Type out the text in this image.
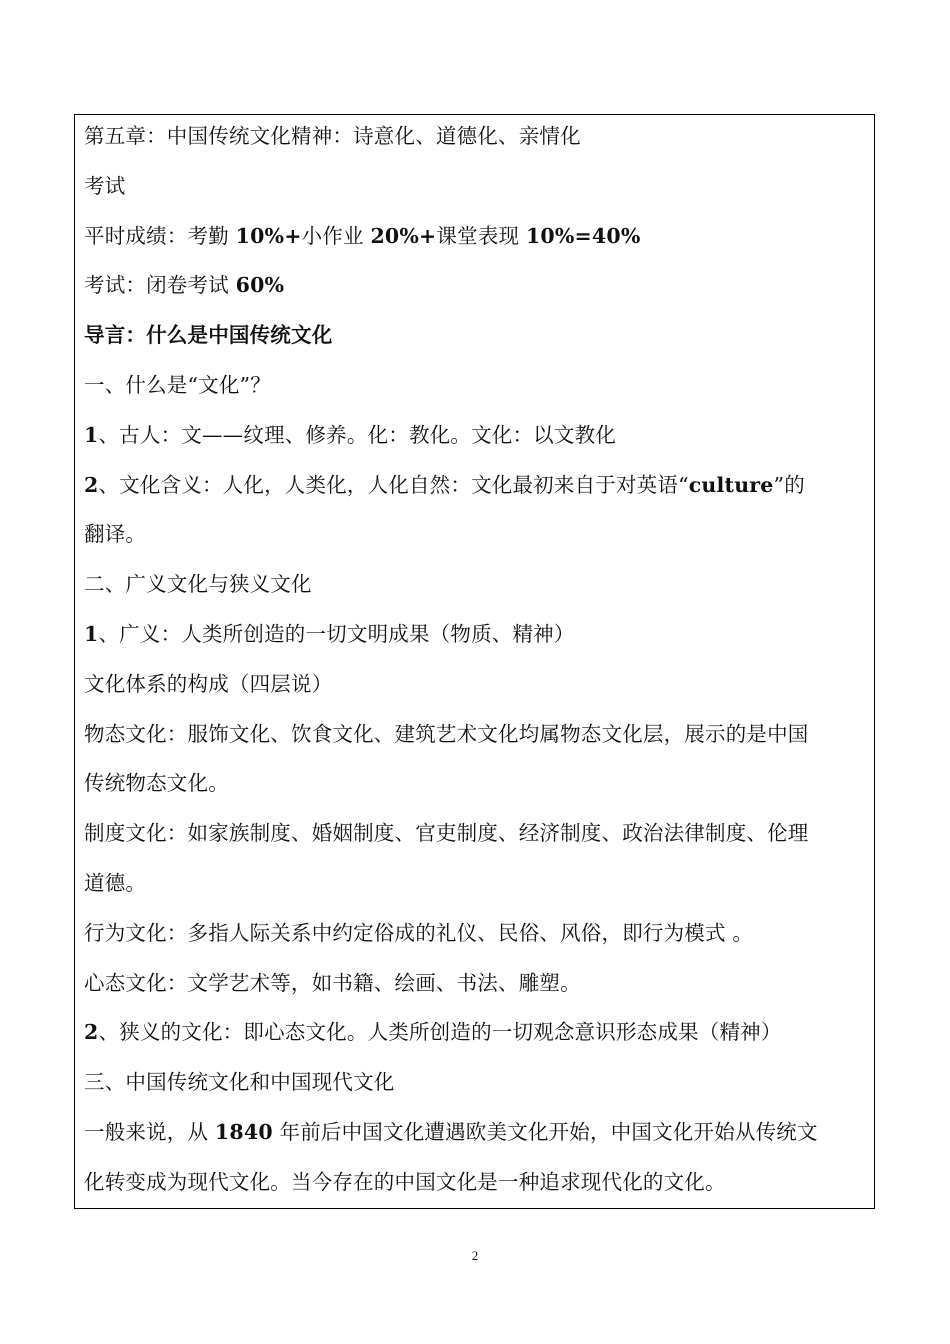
第五章：中国传统文化精神：诗意化、道德化、亲情化
考试
平时成绩：考勤 10%+小作业 20%+课堂表现 10%=40%
考试：闭卷考试 60%
导言：什么是中国传统文化
一、什么是“文化”？
1、古人：文——纹理、修养。化：教化。文化：以文教化
2、文化含义：人化，人类化，人化自然：文化最初来自于对英语“culture”的
翻译。
二、广义文化与狭义文化
1、广义：人类所创造的一切文明成果（物质、精神）
文化体系的构成（四层说）
物态文化：服饰文化、饮食文化、建筑艺术文化均属物态文化层，展示的是中国
传统物态文化。
制度文化：如家族制度、婚姻制度、官吏制度、经济制度、政治法律制度、伦理
道德。
行为文化：多指人际关系中约定俗成的礼仪、民俗、风俗，即行为模式 。
心态文化：文学艺术等，如书籍、绘画、书法、雕塑。
2、狭义的文化：即心态文化。人类所创造的一切观念意识形态成果（精神）
三、中国传统文化和中国现代文化
一般来说，从 1840 年前后中国文化遭遇欧美文化开始，中国文化开始从传统文
化转变成为现代文化。当今存在的中国文化是一种追求现代化的文化。
2
